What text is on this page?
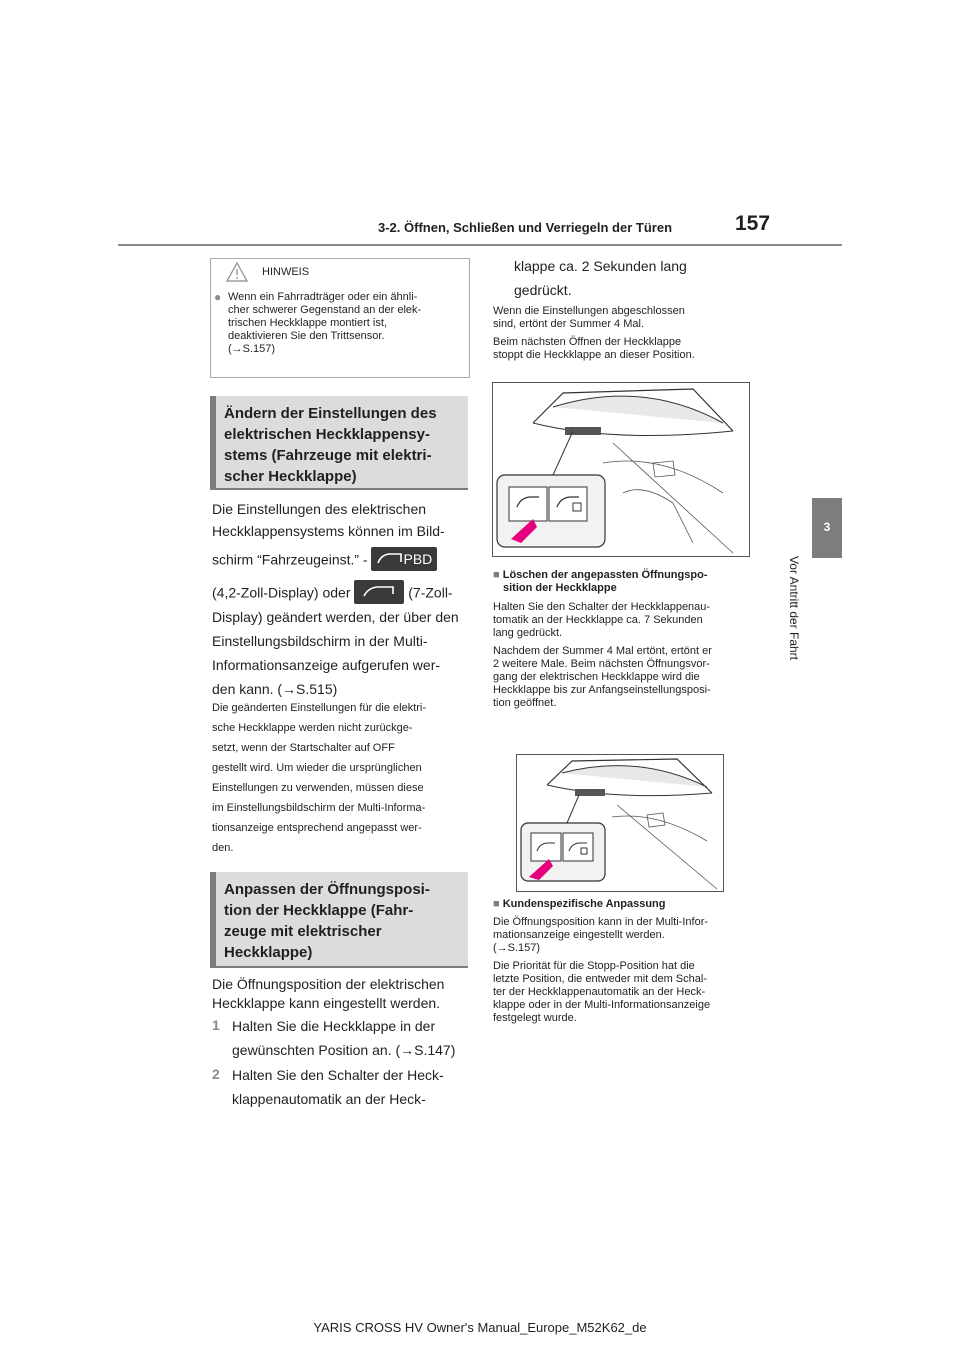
157
3-2. Öffnen, Schließen und Verriegeln der Türen
3
Vor Antritt der Fahrt
HINWEIS
● Wenn ein Fahrradträger oder ein ähnli-
cher schwerer Gegenstand an der elek-
trischen Heckklappe montiert ist,
deaktivieren Sie den Trittsensor.
(→S.157)
Ändern der Einstellungen des
elektrischen Heckklappensy-
stems (Fahrzeuge mit elektri-
scher Heckklappe)
Die Einstellungen des elektrischen
Heckklappensystems können im Bild-
schirm “Fahrzeugeinst.” - PBD
(4,2-Zoll-Display) oder	(7-Zoll-
Display) geändert werden, der über den
Einstellungsbildschirm in der Multi-
Informationsanzeige aufgerufen wer-
den kann. (→S.515)
Die geänderten Einstellungen für die elektri-
sche Heckklappe werden nicht zurückge-
setzt, wenn der Startschalter auf OFF
gestellt wird. Um wieder die ursprünglichen
Einstellungen zu verwenden, müssen diese
im Einstellungsbildschirm der Multi-Informa-
tionsanzeige entsprechend angepasst wer-
den.
Anpassen der Öffnungsposi-
tion der Heckklappe (Fahr-
zeuge mit elektrischer
Heckklappe)
Die Öffnungsposition der elektrischen
Heckklappe kann eingestellt werden.
1 Halten Sie die Heckklappe in der
gewünschten Position an. (→S.147)
2 Halten Sie den Schalter der Heck-
klappenautomatik an der Heck-
klappe ca. 2 Sekunden lang
gedrückt.
Wenn die Einstellungen abgeschlossen
sind, ertönt der Summer 4 Mal.
Beim nächsten Öffnen der Heckklappe
stoppt die Heckklappe an dieser Position.
■ Löschen der angepassten Öffnungspo-
sition der Heckklappe
Halten Sie den Schalter der Heckklappenau-
tomatik an der Heckklappe ca. 7 Sekunden
lang gedrückt.
Nachdem der Summer 4 Mal ertönt, ertönt er
2 weitere Male. Beim nächsten Öffnungsvor-
gang der elektrischen Heckklappe wird die
Heckklappe bis zur Anfangseinstellungsposi-
tion geöffnet.
■ Kundenspezifische Anpassung
Die Öffnungsposition kann in der Multi-Infor-
mationsanzeige eingestellt werden.
(→S.157)
Die Priorität für die Stopp-Position hat die
letzte Position, die entweder mit dem Schal-
ter der Heckklappenautomatik an der Heck-
klappe oder in der Multi-Informationsanzeige
festgelegt wurde.
YARIS CROSS HV Owner's Manual_Europe_M52K62_de
